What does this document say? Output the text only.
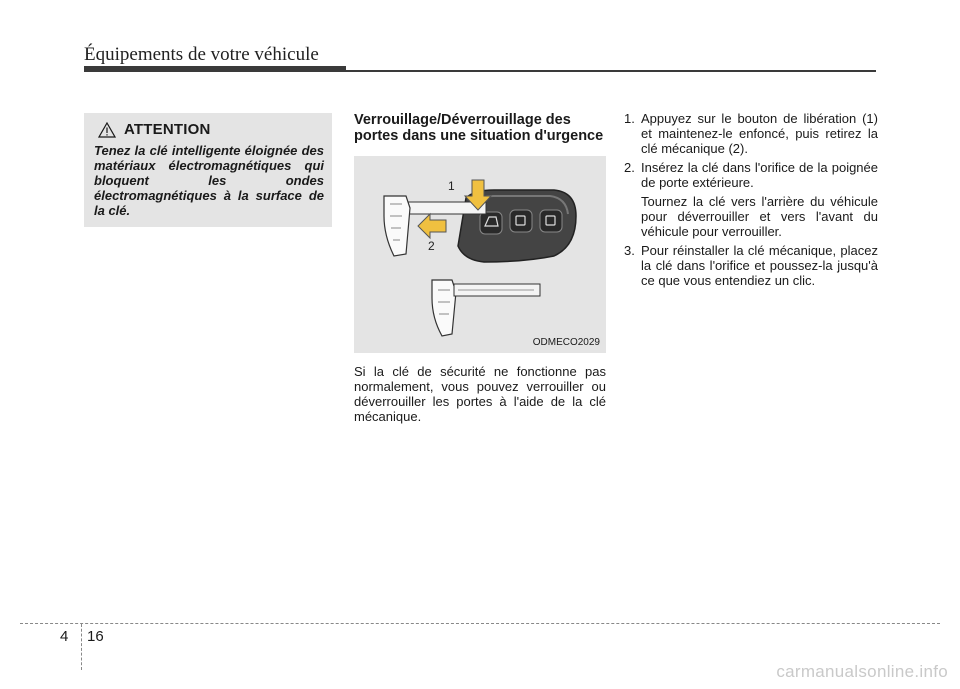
Équipements de votre véhicule
ATTENTION
Tenez la clé intelligente éloignée des matériaux électromagnétiques qui bloquent les ondes électromagnétiques à la surface de la clé.
Verrouillage/Déverrouillage des portes dans une situation d'urgence
1
2
ODMECO2029
Si la clé de sécurité ne fonctionne pas normalement, vous pouvez verrouiller ou déverrouiller les portes à l'aide de la clé mécanique.
1. Appuyez sur le bouton de libération (1) et maintenez-le enfoncé, puis retirez la clé mécanique (2).
2. Insérez la clé dans l'orifice de la poignée de porte extérieure.
Tournez la clé vers l'arrière du véhicule pour déverrouiller et vers l'avant du véhicule pour verrouiller.
3. Pour réinstaller la clé mécanique, placez la clé dans l'orifice et poussez-la jusqu'à ce que vous entendiez un clic.
4 16
carmanualsonline.info
